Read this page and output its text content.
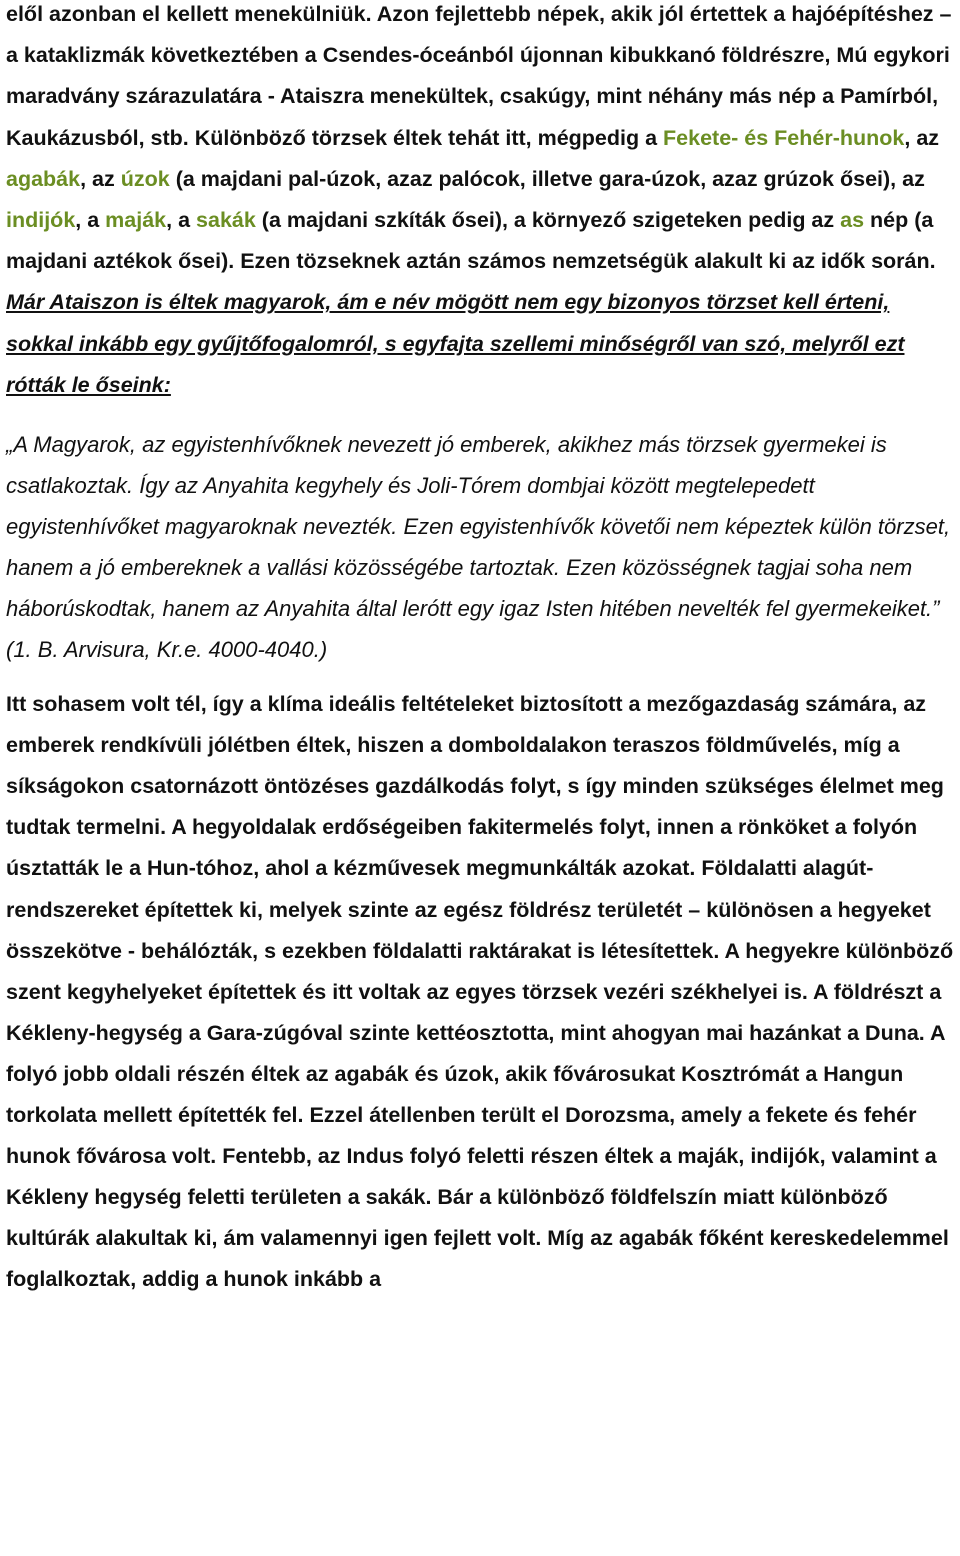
elől azonban el kellett menekülniük. Azon fejlettebb népek, akik jól értettek a hajóépítéshez – a kataklizmák következtében a Csendes-óceánból újonnan kibukkanó földrészre, Mú egykori maradvány szárazulatára - Ataiszra menekültek, csakúgy, mint néhány más nép a Pamírból, Kaukázusból, stb. Különböző törzsek éltek tehát itt, mégpedig a Fekete- és Fehér-hunok, az agabák, az úzok (a majdani pal-úzok, azaz palócok, illetve gara-úzok, azaz grúzok ősei), az indijók, a maják, a sakák (a majdani szkíták ősei), a környező szigeteken pedig az as nép (a majdani aztékok ősei). Ezen tözseknek aztán számos nemzetségük alakult ki az idők során. Már Ataiszon is éltek magyarok, ám e név mögött nem egy bizonyos törzset kell érteni, sokkal inkább egy gyűjtőfogalomról, s egyfajta szellemi minőségről van szó, melyről ezt rótták le őseink:

„A Magyarok, az egyistenhívőknek nevezett jó emberek, akikhez más törzsek gyermekei is csatlakoztak. Így az Anyahita kegyhely és Joli-Tórem dombjai között megtelepedett egyistenhívőket magyaroknak nevezték. Ezen egyistenhívők követői nem képeztek külön törzset, hanem a jó embereknek a vallási közösségébe tartoztak. Ezen közösségnek tagjai soha nem háborúskodtak, hanem az Anyahita által lerótt egy igaz Isten hitében nevelték fel gyermekeiket.” (1. B. Arvisura, Kr.e. 4000-4040.)

Itt sohasem volt tél, így a klíma ideális feltételeket biztosított a mezőgazdaság számára, az emberek rendkívüli jólétben éltek, hiszen a domboldalakon teraszos földművelés, míg a síkságokon csatornázott öntözéses gazdálkodás folyt, s így minden szükséges élelmet meg tudtak termelni. A hegyoldalak erdőségeiben fakitermelés folyt, innen a rönköket a folyón úsztatták le a Hun-tóhoz, ahol a kézművesek megmunkálták azokat. Földalatti alagút-rendszereket építettek ki, melyek szinte az egész földrész területét – különösen a hegyeket összekötve - behálózták, s ezekben földalatti raktárakat is létesítettek. A hegyekre különböző szent kegyhelyeket építettek és itt voltak az egyes törzsek vezéri székhelyei is. A földrészt a Kékleny-hegység a Gara-zúgóval szinte kettéosztotta, mint ahogyan mai hazánkat a Duna. A folyó jobb oldali részén éltek az agabák és úzok, akik fővárosukat Kosztrómát a Hangun torkolata mellett építették fel. Ezzel átellenben terült el Dorozsma, amely a fekete és fehér hunok fővárosa volt. Fentebb, az Indus folyó feletti részen éltek a maják, indijók, valamint a Kékleny hegység feletti területen a sakák. Bár a különböző földfelszín miatt különböző kultúrák alakultak ki, ám valamennyi igen fejlett volt. Míg az agabák főként kereskedelemmel foglalkoztak, addig a hunok inkább a
